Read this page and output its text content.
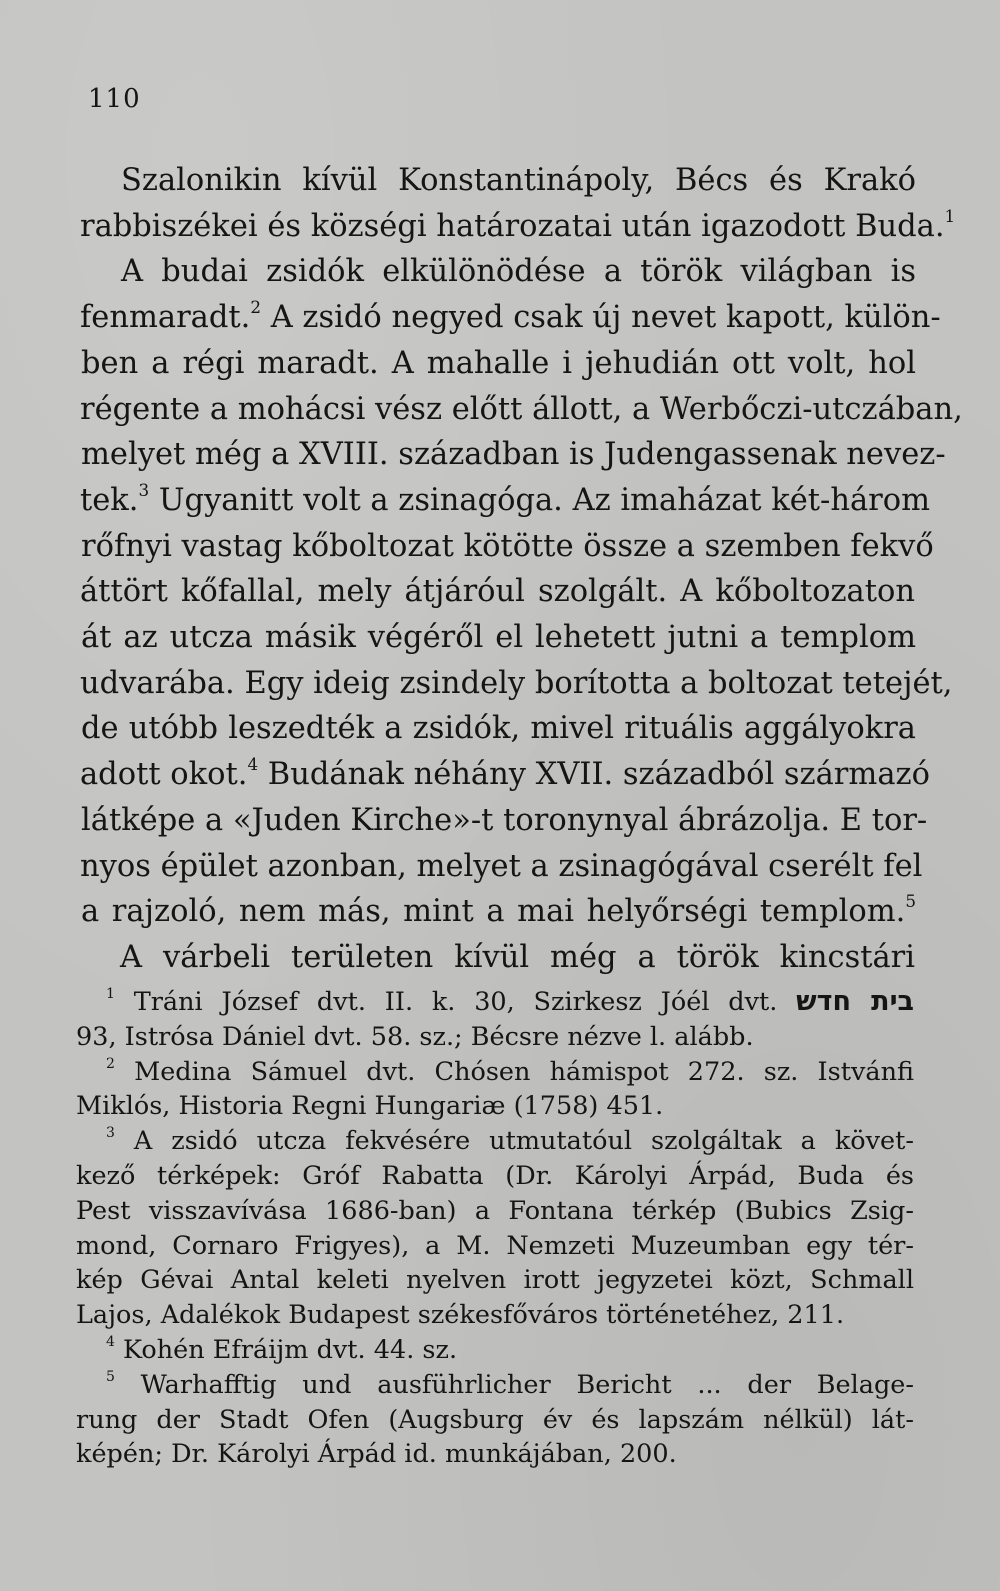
110
Szalonikin kívül Konstantinápoly, Bécs és Krakó
rabbiszékei és községi határozatai után igazodott Buda.$^1$
A budai zsidók elkülönödése a török világban is
fenmaradt.$^2$ A zsidó negyed csak új nevet kapott, külön-
ben a régi maradt. A mahalle i jehudián ott volt, hol
régente a mohácsi vész előtt állott, a Werbőczi-utczában,
melyet még a XVIII. században is Judengassenak nevez-
tek.$^3$ Ugyanitt volt a zsinagóga. Az imaházat két-három
rőfnyi vastag kőboltozat kötötte össze a szemben fekvő
áttört kőfallal, mely átjáróul szolgált. A kőboltozaton
át az utcza másik végéről el lehetett jutni a templom
udvarába. Egy ideig zsindely borította a boltozat tetejét,
de utóbb leszedték a zsidók, mivel rituális aggályokra
adott okot.$^4$ Budának néhány XVII. századból származó
látképe a «Juden Kirche»-t toronynyal ábrázolja. E tor-
nyos épület azonban, melyet a zsinagógával cserélt fel
a rajzoló, nem más, mint a mai helyőrségi templom.$^5$
A várbeli területen kívül még a török kincstári
$^1$ Tráni József dvt. II. k. 30, Szirkesz Jóél dvt. בית חדש
93, Istrósa Dániel dvt. 58. sz.; Bécsre nézve l. alább.
$^2$ Medina Sámuel dvt. Chósen hámispot 272. sz. Istvánfi
Miklós, Historia Regni Hungariæ (1758) 451.
$^3$ A zsidó utcza fekvésére utmutatóul szolgáltak a követ-
kező térképek: Gróf Rabatta (Dr. Károlyi Árpád, Buda és
Pest visszavívása 1686-ban) a Fontana térkép (Bubics Zsig-
mond, Cornaro Frigyes), a M. Nemzeti Muzeumban egy tér-
kép Gévai Antal keleti nyelven irott jegyzetei közt, Schmall
Lajos, Adalékok Budapest székesfőváros történetéhez, 211.
$^4$ Kohén Efráijm dvt. 44. sz.
$^5$ Warhafftig und ausführlicher Bericht ... der Belage-
rung der Stadt Ofen (Augsburg év és lapszám nélkül) lát-
képén; Dr. Károlyi Árpád id. munkájában, 200.
